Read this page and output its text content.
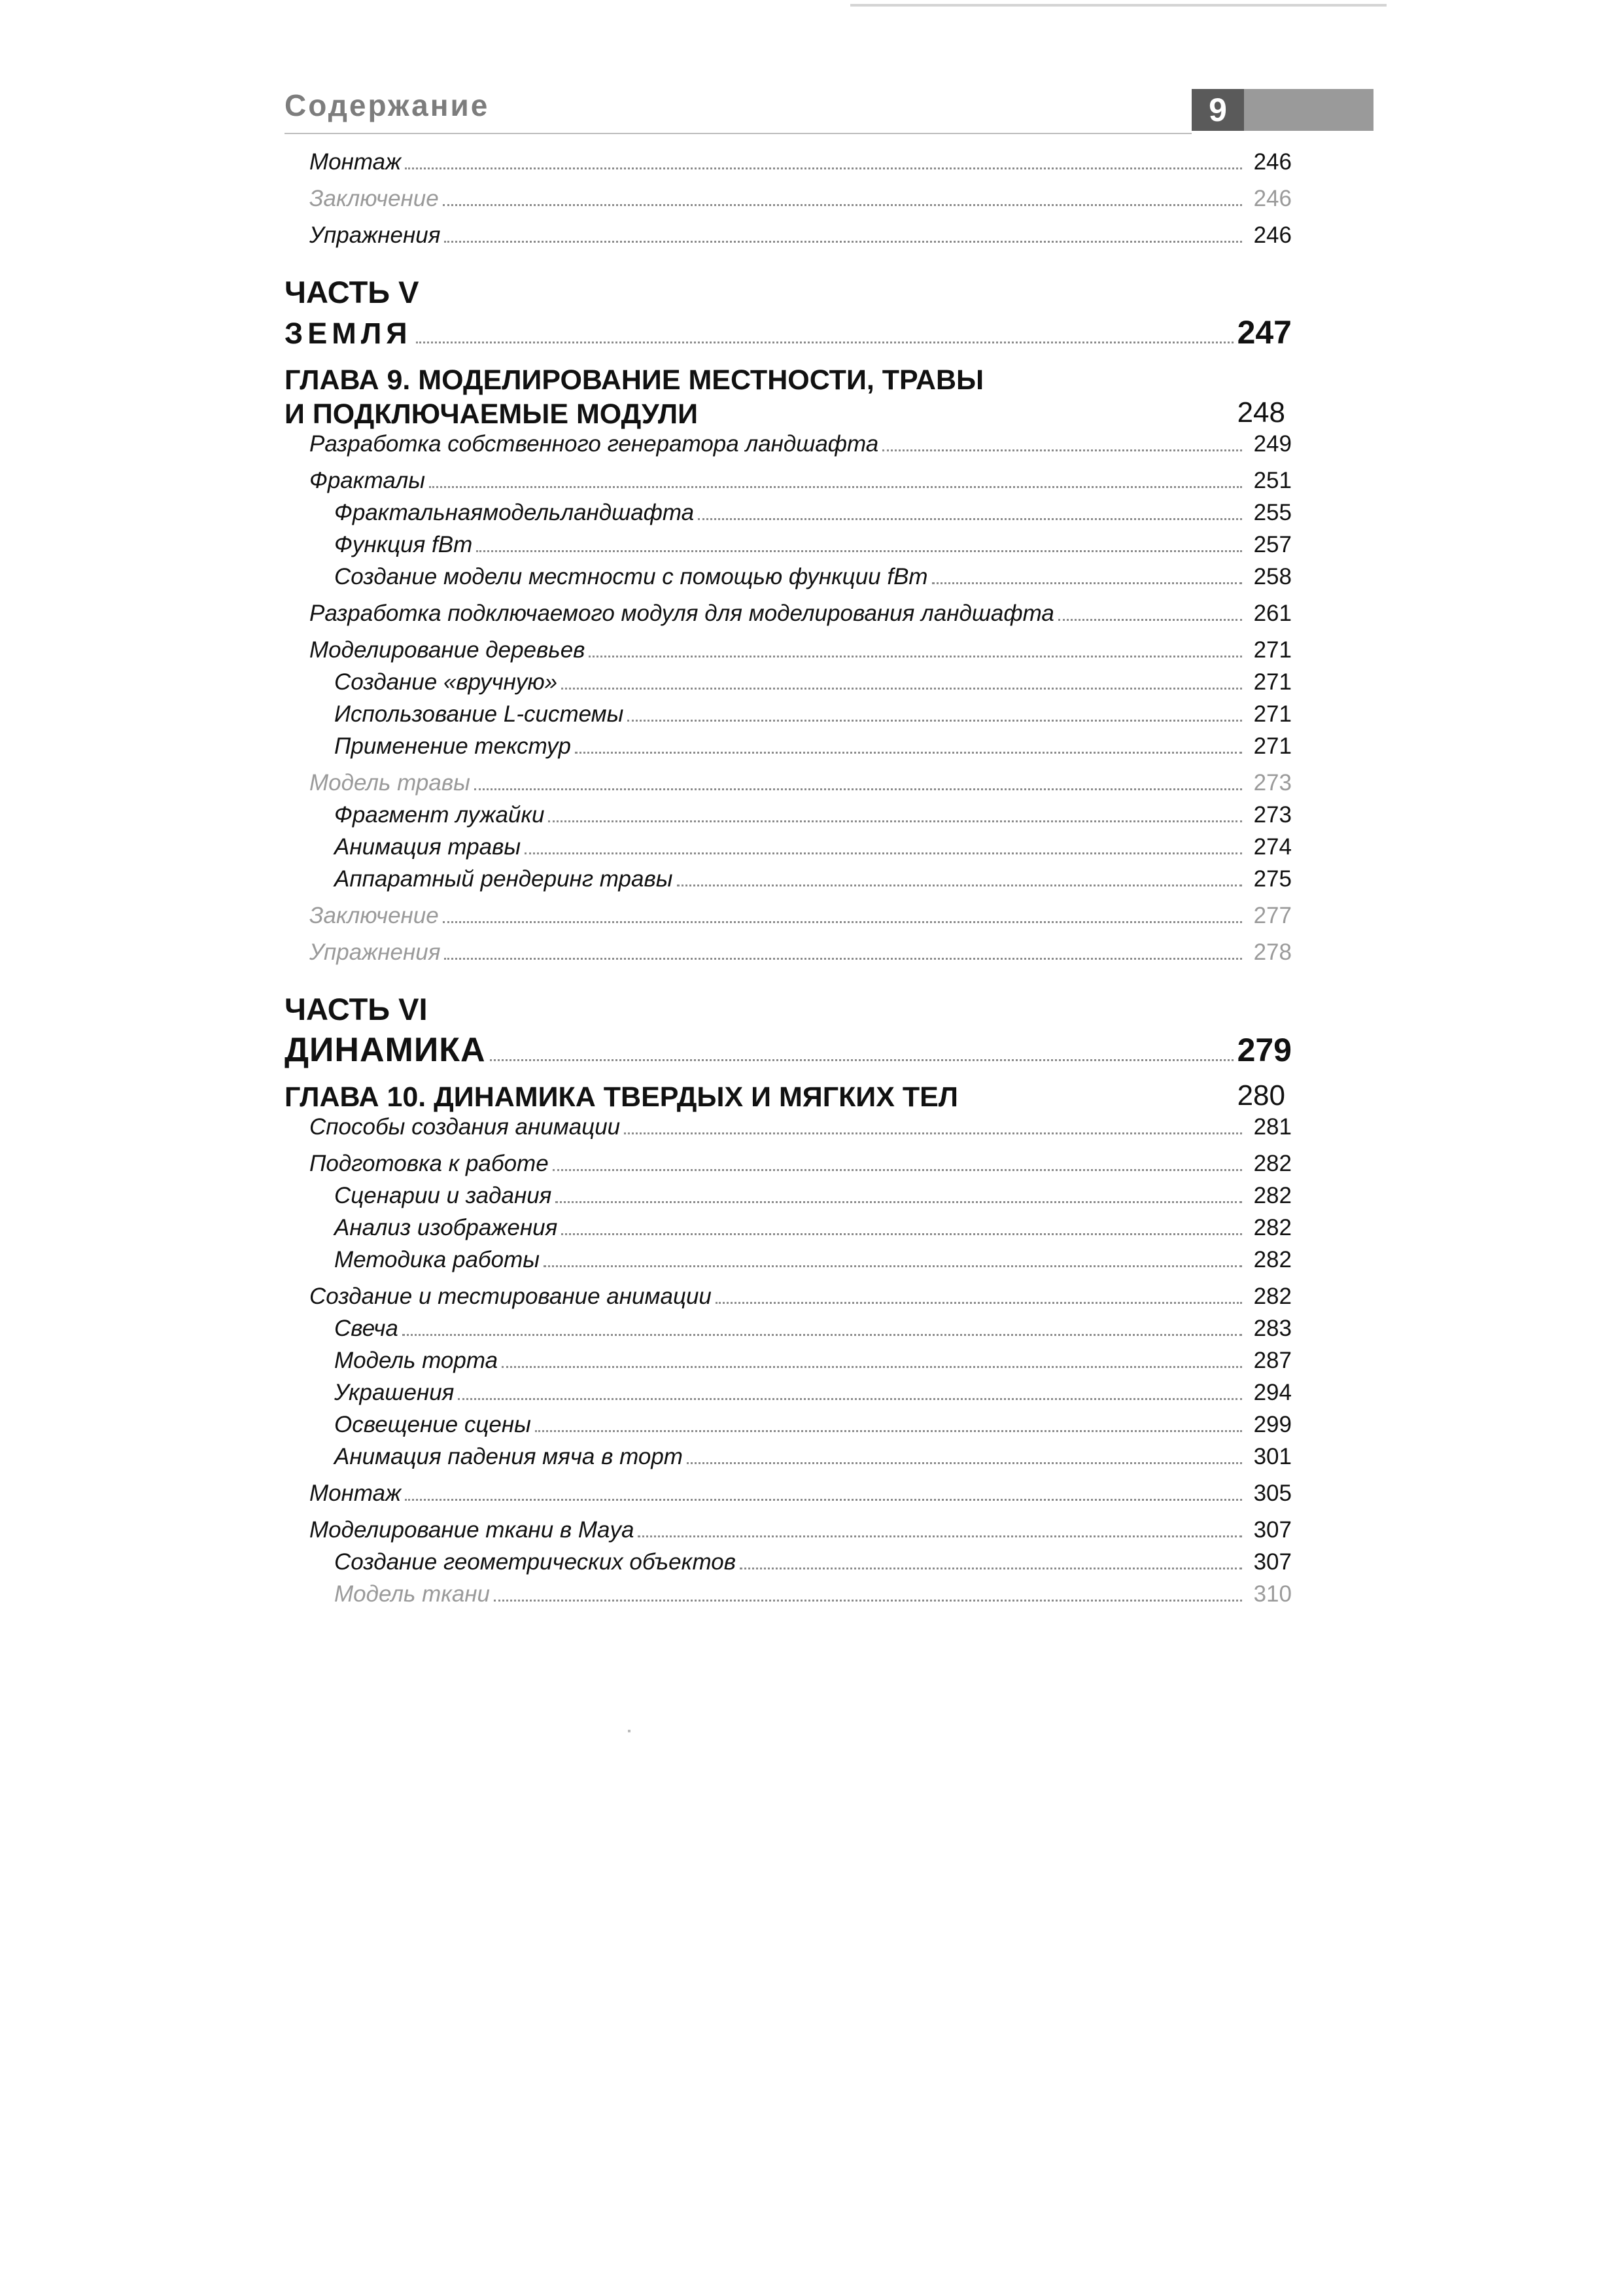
Содержание	9
Монтаж	246
Заключение	246
Упражнения	246
ЧАСТЬ V
ЗЕМЛЯ	247
ГЛАВА 9. МОДЕЛИРОВАНИЕ МЕСТНОСТИ, ТРАВЫ
И ПОДКЛЮЧАЕМЫЕ МОДУЛИ	248
Разработка собственного генератора ландшафта	249
Фракталы	251
Фрактальнаямодельландшафта	255
Функция fBm	257
Создание модели местности с помощью функции fBm	258
Разработка подключаемого модуля для моделирования ландшафта	261
Моделирование деревьев	271
Создание «вручную»	271
Использование L-системы	271
Применение текстур	271
Модель травы	273
Фрагмент лужайки	273
Анимация травы	274
Аппаратный рендеринг травы	275
Заключение	277
Упражнения	278
ЧАСТЬ VI
ДИНАМИКА	279
ГЛАВА 10. ДИНАМИКА ТВЕРДЫХ И МЯГКИХ ТЕЛ	280
Способы создания анимации	281
Подготовка к работе	282
Сценарии и задания	282
Анализ изображения	282
Методика работы	282
Создание и тестирование анимации	282
Свеча	283
Модель торта	287
Украшения	294
Освещение сцены	299
Анимация падения мяча в торт	301
Монтаж	305
Моделирование ткани в Maya	307
Создание геометрических объектов	307
Модель ткани	310
